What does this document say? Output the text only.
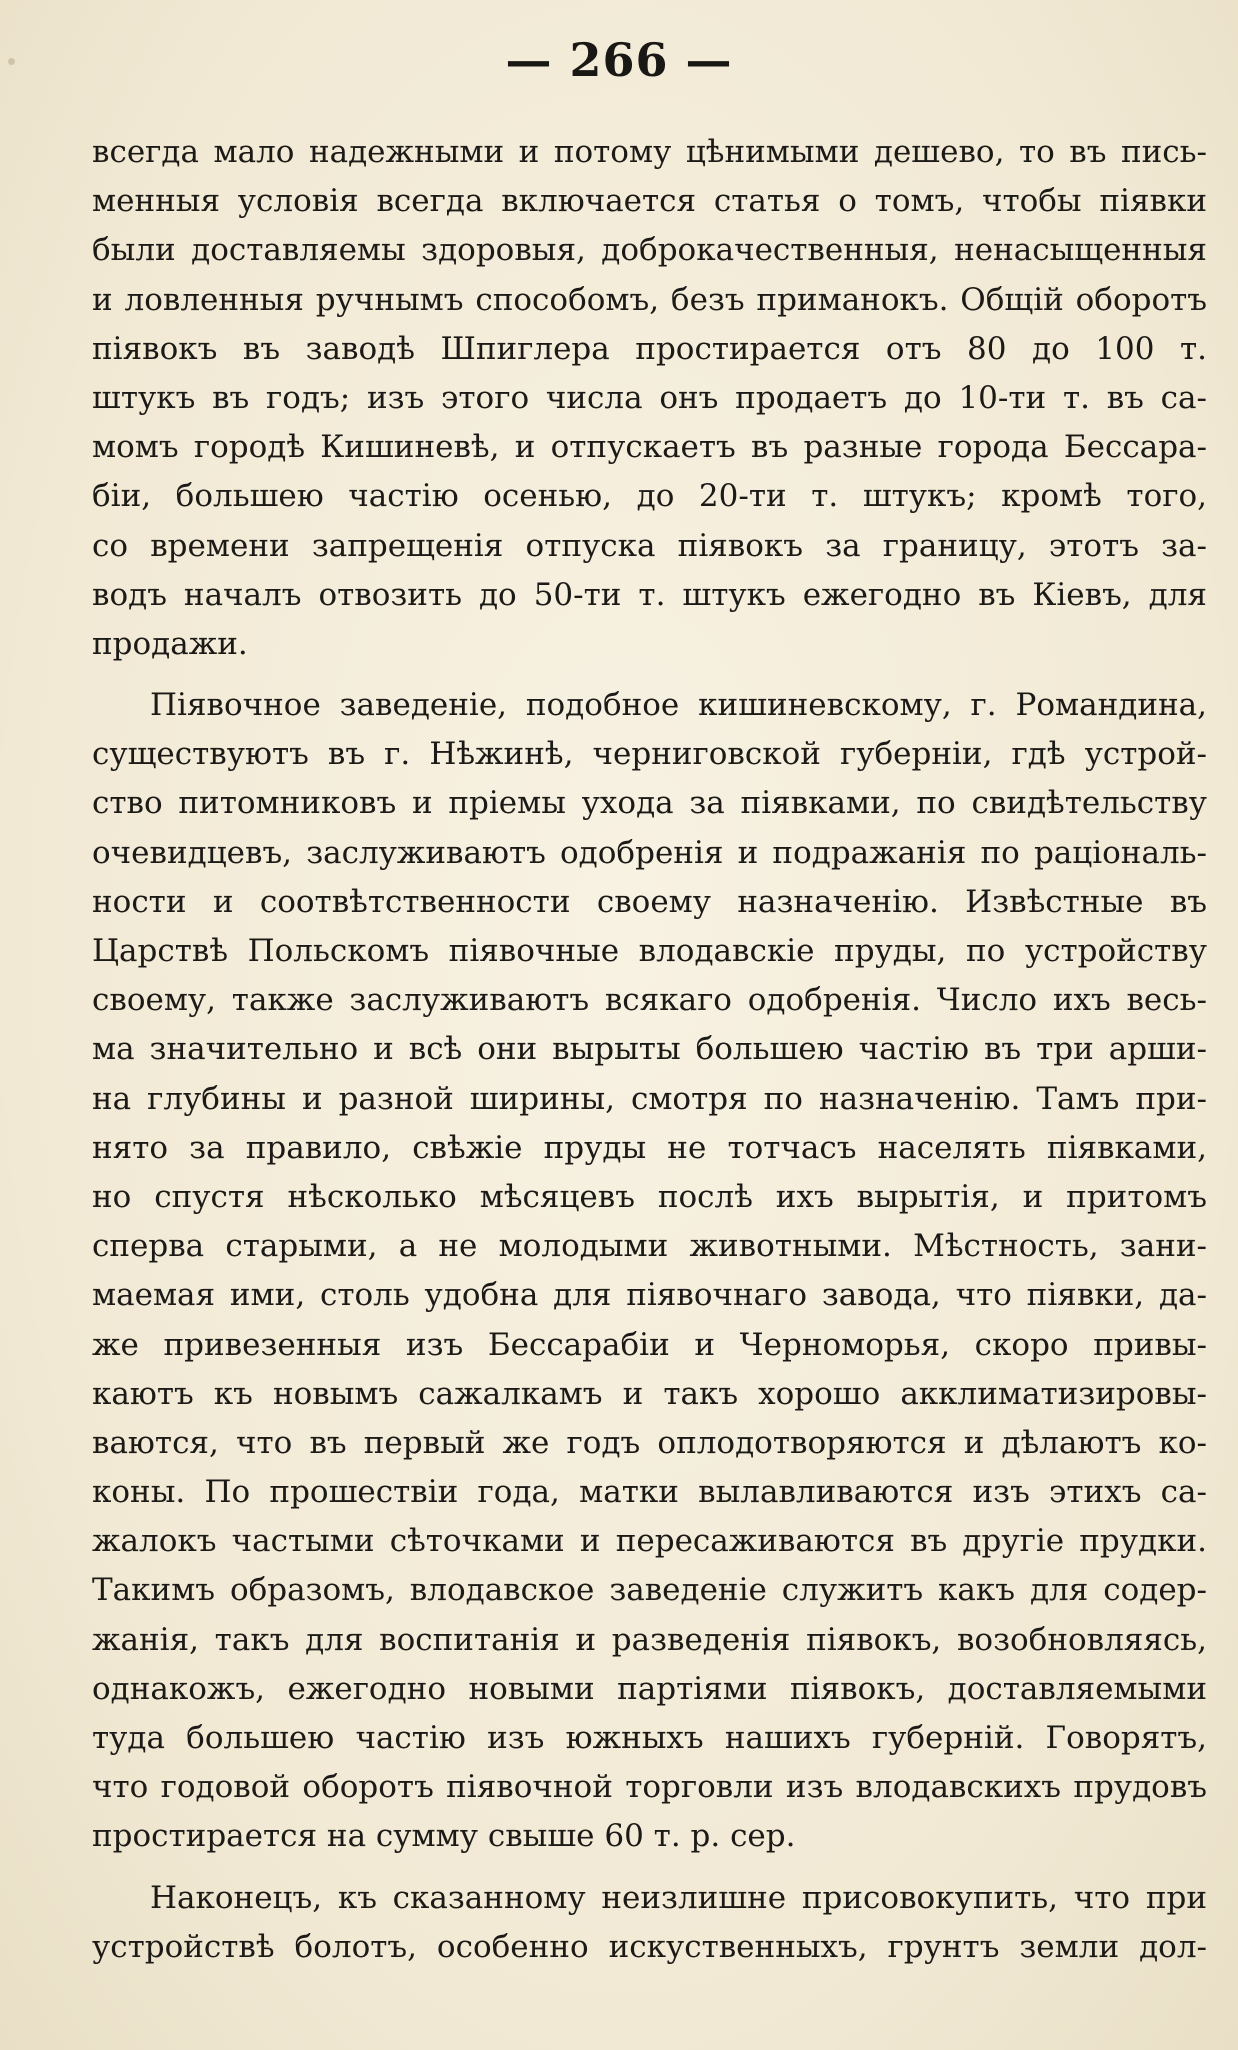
— 266 —
всегда мало надежными и потому цѣнимыми дешево, то въ пись-
менныя условія всегда включается статья о томъ, чтобы піявки
были доставляемы здоровыя, доброкачественныя, ненасыщенныя
и ловленныя ручнымъ способомъ, безъ примaнокъ. Общій оборотъ
піявокъ въ заводѣ Шпиглера простирается отъ 80 до 100 т.
штукъ въ годъ; изъ этого числа онъ продаетъ до 10-ти т. въ са-
момъ городѣ Кишиневѣ, и отпускаетъ въ разные города Бессара-
біи, большею частію осенью, до 20-ти т. штукъ; кромѣ того,
со времени запрещенія отпуска піявокъ за границу, этотъ за-
водъ началъ отвозить до 50-ти т. штукъ ежегодно въ Кіевъ, для
продажи.
Піявочное заведеніе, подобное кишиневскому, г. Романдина,
существуютъ въ г. Нѣжинѣ, черниговской губерніи, гдѣ устрой-
ство питомниковъ и пріемы ухода за піявками, по свидѣтельству
очевидцевъ, заслуживаютъ одобренія и подражанія по раціональ-
ности и соотвѣтственности своему назначенію. Извѣстные въ
Царствѣ Польскомъ піявочные влодавскіе пруды, по устройству
своему, также заслуживаютъ всякаго одобренія. Число ихъ весь-
ма значительно и всѣ они вырыты большею частію въ три арши-
на глубины и разной ширины, смотря по назначенію. Тамъ при-
нято за правило, свѣжіе пруды не тотчасъ населять піявками,
но спустя нѣсколько мѣсяцевъ послѣ ихъ вырытія, и притомъ
сперва старыми, а не молодыми животными. Мѣстность, зани-
маемая ими, столь удобна для піявочнаго завода, что піявки, да-
же привезенныя изъ Бессарабіи и Черноморья, скоро привы-
каютъ къ новымъ сажалкамъ и такъ хорошо акклиматизировы-
ваются, что въ первый же годъ оплодотворяются и дѣлаютъ ко-
коны. По прошествіи года, матки вылавливаются изъ этихъ са-
жалокъ частыми сѣточками и пересаживаются въ другіе прудки.
Такимъ образомъ, влодавское заведеніе служитъ какъ для содер-
жанія, такъ для воспитанія и разведенія піявокъ, возобновляясь,
однакожъ, ежегодно новыми партіями піявокъ, доставляемыми
туда большею частію изъ южныхъ нашихъ губерній. Говорятъ,
что годовой оборотъ піявочной торговли изъ влодавскихъ прудовъ
простирается на сумму свыше 60 т. р. сер.
Наконецъ, къ сказанному неизлишне присовокупить, что при
устройствѣ болотъ, особенно искуственныхъ, грунтъ земли дол-
